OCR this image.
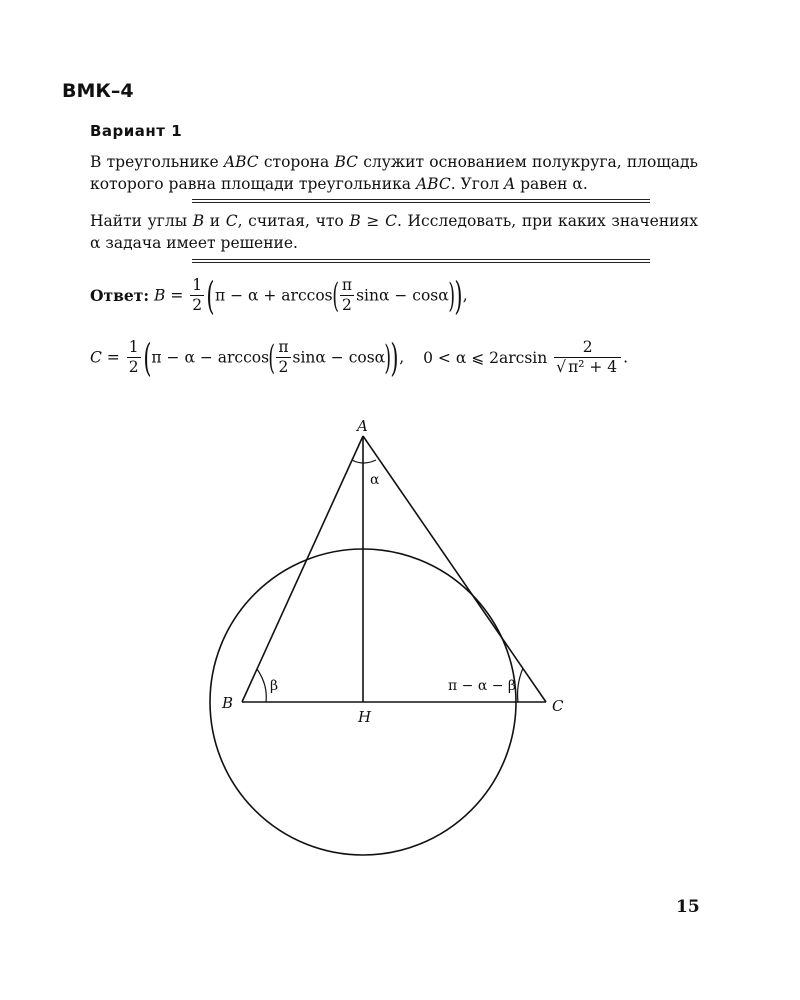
ВМК–4
Вариант 1
В треугольнике ABC сторона BC служит основанием полукруга, площадь которого равна площади треугольника ABC. Угол A равен α.
Найти углы B и C, считая, что B ≥ C. Исследовать, при каких значениях α задача имеет решение.
Ответ: $B = \frac{1}{2} (\pi - \alpha + \arccos( \frac{\pi}{2}$ sinα − cosα)),
$C = \frac{1}{2} (\pi - \alpha - \arccos( \frac{\pi}{2}$ sinα − cosα)), 0 < α ⩽ $2\arcsin \frac{2}{\text{√ π² + 4}}$ .
A
B	C
H
α
β	π − α − β
15
